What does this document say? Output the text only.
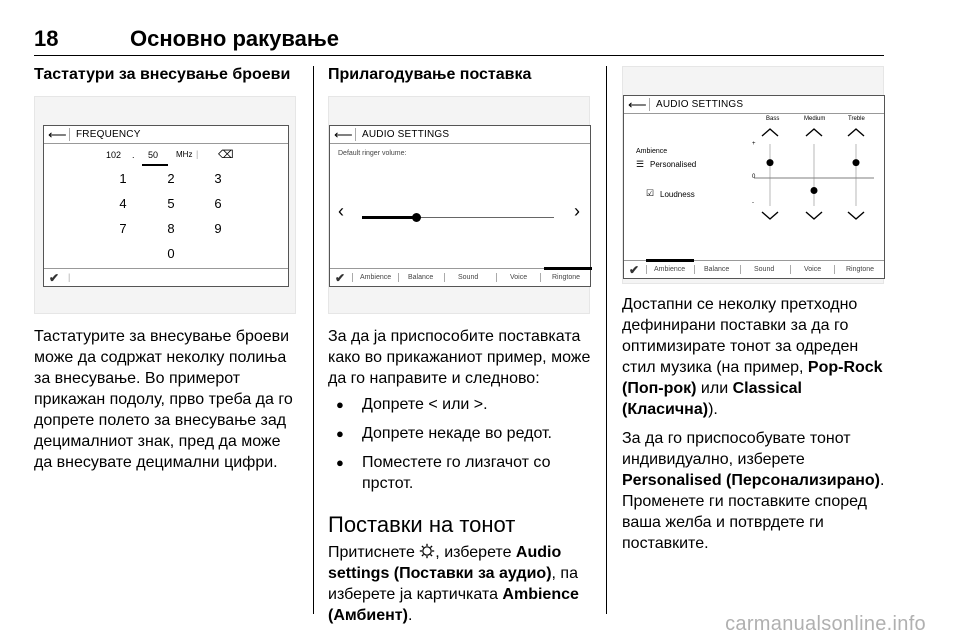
18	Основно ракување
Тастатури за внесување броеви
⟵ FREQUENCY
102 . 50 MHz | ⌫
1	2	3
4	5	6
7	8	9
0
✔ |
Тастатурите за внесување броеви може да содржат неколку полиња за внесување. Во примерот прикажан подолу, прво треба да го допрете полето за внесување зад децималниот знак, пред да може да внесувате децимални цифри.
Прилагодување поставка
⟵ AUDIO SETTINGS
Default ringer volume:
‹	›
✔ Ambience Balance	Sound	Voice	Ringtone
За да ја приспособите поставката како во прикажаниот пример, може да го направите и следново:
● Допрете < или >.
● Допрете некаде во редот.
● Поместете го лизгачот со прстот.
Поставки на тонот
Притиснете , изберете Audio settings (Поставки за аудио), па изберете ја картичката Ambience (Амбиент).
⟵ AUDIO SETTINGS
Bass	Medium	Treble
+
0
-
Ambience
☰ Personalised
☑ Loudness
✔ Ambience	Balance	Sound	Voice	Ringtone
Достапни се неколку претходно дефинирани поставки за да го оптимизирате тонот за одреден стил музика (на пример, Pop-Rock (Поп-рок) или Classical (Класична)).
За да го приспособувате тонот индивидуално, изберете Personalised (Персонализирано). Променете ги поставките според ваша желба и потврдете ги поставките.
carmanualsonline.info
